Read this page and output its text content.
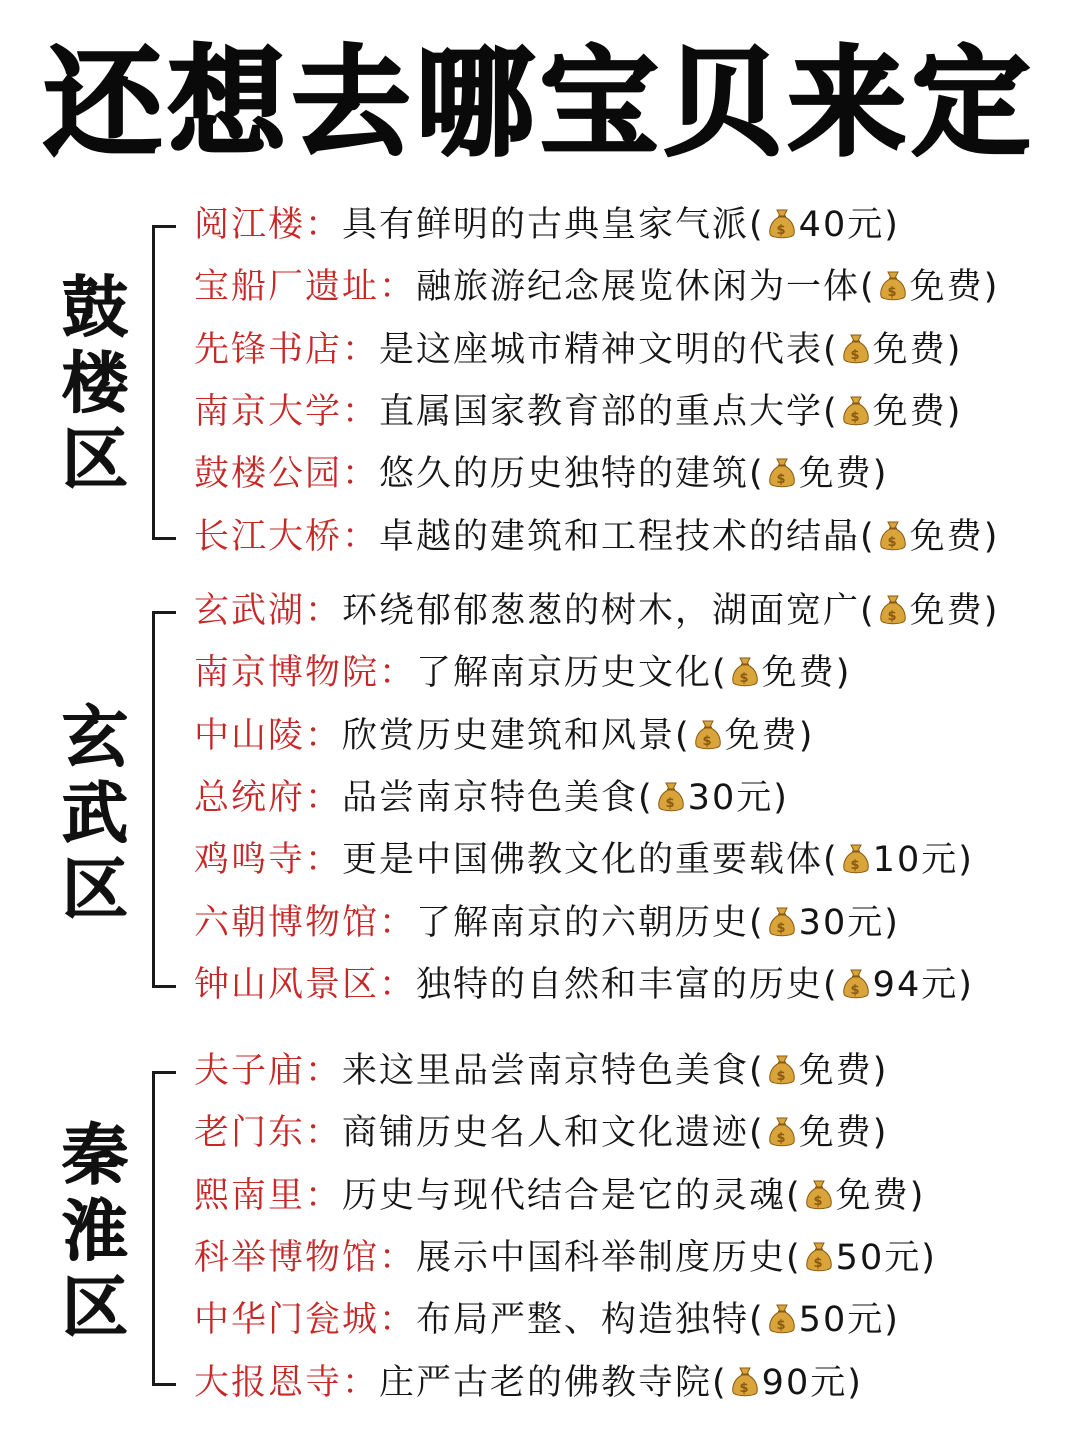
还想去哪宝贝来定
鼓
楼
区
阅江楼：具有鲜明的古典皇家气派( $ 40元)
宝船厂遗址：融旅游纪念展览休闲为一体( $ 免费)
先锋书店：是这座城市精神文明的代表( $ 免费)
南京大学：直属国家教育部的重点大学( $ 免费)
鼓楼公园：悠久的历史独特的建筑( $ 免费)
长江大桥：卓越的建筑和工程技术的结晶( $ 免费)
玄
武
区
玄武湖：环绕郁郁葱葱的树木，湖面宽广( $ 免费)
南京博物院：了解南京历史文化( $ 免费)
中山陵：欣赏历史建筑和风景( $ 免费)
总统府：品尝南京特色美食( $ 30元)
鸡鸣寺：更是中国佛教文化的重要载体( $ 10元)
六朝博物馆：了解南京的六朝历史( $ 30元)
钟山风景区：独特的自然和丰富的历史( $ 94元)
秦
淮
区
夫子庙：来这里品尝南京特色美食( $ 免费)
老门东：商铺历史名人和文化遗迹( $ 免费)
熙南里：历史与现代结合是它的灵魂( $ 免费)
科举博物馆：展示中国科举制度历史( $ 50元)
中华门瓮城：布局严整、构造独特( $ 50元)
大报恩寺：庄严古老的佛教寺院( $ 90元)
